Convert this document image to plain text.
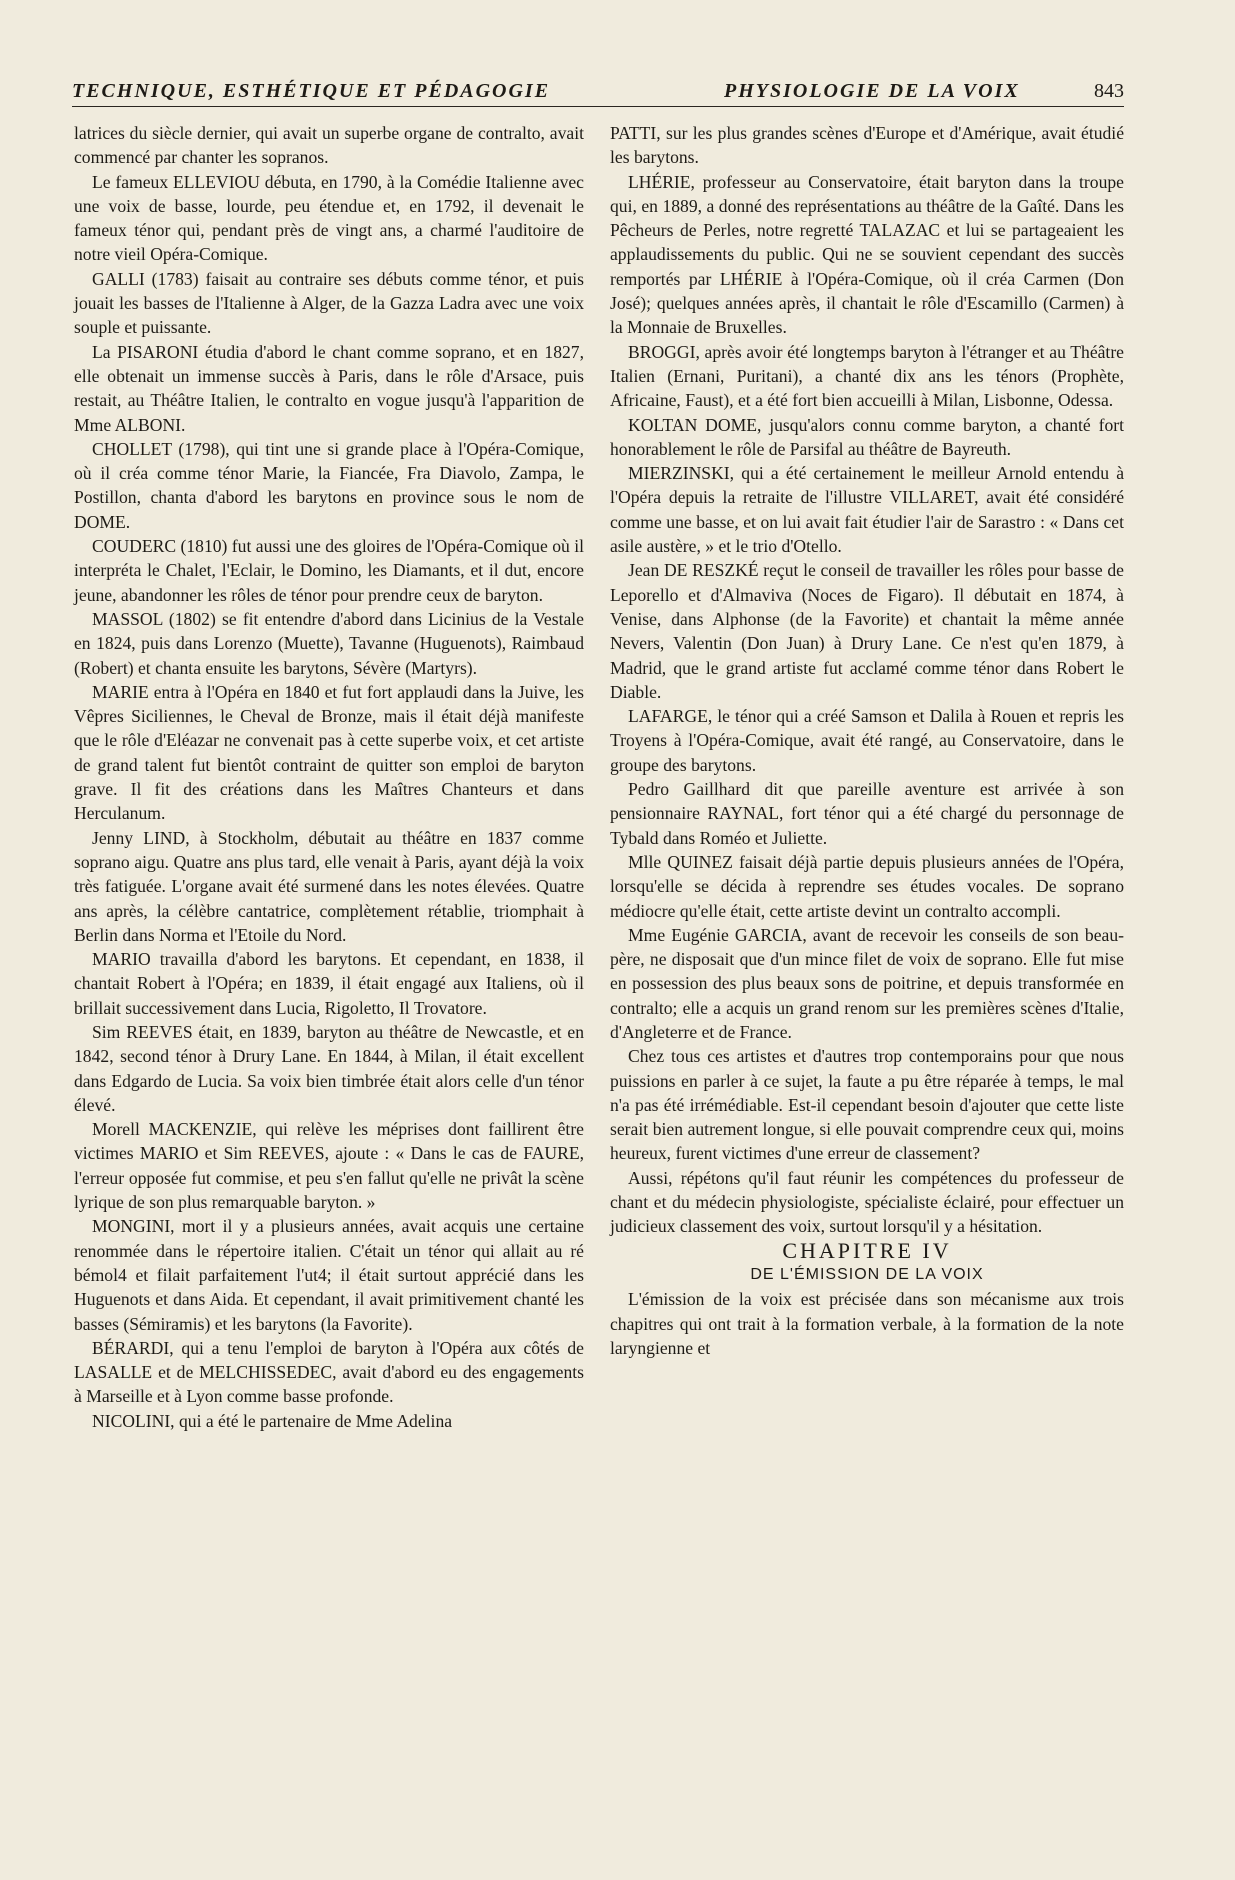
TECHNIQUE, ESTHÉTIQUE ET PÉDAGOGIE	PHYSIOLOGIE DE LA VOIX	843

latrices du siècle dernier, qui avait un superbe organe de contralto, avait commencé par chanter les sopranos.

Le fameux ELLEVIOU débuta, en 1790, à la Comédie Italienne avec une voix de basse, lourde, peu étendue et, en 1792, il devenait le fameux ténor qui, pendant près de vingt ans, a charmé l'auditoire de notre vieil Opéra-Comique.

GALLI (1783) faisait au contraire ses débuts comme ténor, et puis jouait les basses de l'Italienne à Alger, de la Gazza Ladra avec une voix souple et puissante.

La PISARONI étudia d'abord le chant comme soprano, et en 1827, elle obtenait un immense succès à Paris, dans le rôle d'Arsace, puis restait, au Théâtre Italien, le contralto en vogue jusqu'à l'apparition de Mme ALBONI.

CHOLLET (1798), qui tint une si grande place à l'Opéra-Comique, où il créa comme ténor Marie, la Fiancée, Fra Diavolo, Zampa, le Postillon, chanta d'abord les barytons en province sous le nom de DOME.

COUDERC (1810) fut aussi une des gloires de l'Opéra-Comique où il interpréta le Chalet, l'Eclair, le Domino, les Diamants, et il dut, encore jeune, abandonner les rôles de ténor pour prendre ceux de baryton.

MASSOL (1802) se fit entendre d'abord dans Licinius de la Vestale en 1824, puis dans Lorenzo (Muette), Tavanne (Huguenots), Raimbaud (Robert) et chanta ensuite les barytons, Sévère (Martyrs).

MARIE entra à l'Opéra en 1840 et fut fort applaudi dans la Juive, les Vêpres Siciliennes, le Cheval de Bronze, mais il était déjà manifeste que le rôle d'Eléazar ne convenait pas à cette superbe voix, et cet artiste de grand talent fut bientôt contraint de quitter son emploi de baryton grave. Il fit des créations dans les Maîtres Chanteurs et dans Herculanum.

Jenny LIND, à Stockholm, débutait au théâtre en 1837 comme soprano aigu. Quatre ans plus tard, elle venait à Paris, ayant déjà la voix très fatiguée. L'organe avait été surmené dans les notes élevées. Quatre ans après, la célèbre cantatrice, complètement rétablie, triomphait à Berlin dans Norma et l'Etoile du Nord.

MARIO travailla d'abord les barytons. Et cependant, en 1838, il chantait Robert à l'Opéra; en 1839, il était engagé aux Italiens, où il brillait successivement dans Lucia, Rigoletto, Il Trovatore.

Sim REEVES était, en 1839, baryton au théâtre de Newcastle, et en 1842, second ténor à Drury Lane. En 1844, à Milan, il était excellent dans Edgardo de Lucia. Sa voix bien timbrée était alors celle d'un ténor élevé.

Morell MACKENZIE, qui relève les méprises dont faillirent être victimes MARIO et Sim REEVES, ajoute : « Dans le cas de FAURE, l'erreur opposée fut commise, et peu s'en fallut qu'elle ne privât la scène lyrique de son plus remarquable baryton. »

MONGINI, mort il y a plusieurs années, avait acquis une certaine renommée dans le répertoire italien. C'était un ténor qui allait au ré bémol4 et filait parfaitement l'ut4; il était surtout apprécié dans les Huguenots et dans Aida. Et cependant, il avait primitivement chanté les basses (Sémiramis) et les barytons (la Favorite).

BÉRARDI, qui a tenu l'emploi de baryton à l'Opéra aux côtés de LASALLE et de MELCHISSEDEC, avait d'abord eu des engagements à Marseille et à Lyon comme basse profonde.

NICOLINI, qui a été le partenaire de Mme Adelina

PATTI, sur les plus grandes scènes d'Europe et d'Amérique, avait étudié les barytons.

LHÉRIE, professeur au Conservatoire, était baryton dans la troupe qui, en 1889, a donné des représentations au théâtre de la Gaîté. Dans les Pêcheurs de Perles, notre regretté TALAZAC et lui se partageaient les applaudissements du public. Qui ne se souvient cependant des succès remportés par LHÉRIE à l'Opéra-Comique, où il créa Carmen (Don José); quelques années après, il chantait le rôle d'Escamillo (Carmen) à la Monnaie de Bruxelles.

BROGGI, après avoir été longtemps baryton à l'étranger et au Théâtre Italien (Ernani, Puritani), a chanté dix ans les ténors (Prophète, Africaine, Faust), et a été fort bien accueilli à Milan, Lisbonne, Odessa.

KOLTAN DOME, jusqu'alors connu comme baryton, a chanté fort honorablement le rôle de Parsifal au théâtre de Bayreuth.

MIERZINSKI, qui a été certainement le meilleur Arnold entendu à l'Opéra depuis la retraite de l'illustre VILLARET, avait été considéré comme une basse, et on lui avait fait étudier l'air de Sarastro : « Dans cet asile austère, » et le trio d'Otello.

Jean DE RESZKÉ reçut le conseil de travailler les rôles pour basse de Leporello et d'Almaviva (Noces de Figaro). Il débutait en 1874, à Venise, dans Alphonse (de la Favorite) et chantait la même année Nevers, Valentin (Don Juan) à Drury Lane. Ce n'est qu'en 1879, à Madrid, que le grand artiste fut acclamé comme ténor dans Robert le Diable.

LAFARGE, le ténor qui a créé Samson et Dalila à Rouen et repris les Troyens à l'Opéra-Comique, avait été rangé, au Conservatoire, dans le groupe des barytons.

Pedro Gaillhard dit que pareille aventure est arrivée à son pensionnaire RAYNAL, fort ténor qui a été chargé du personnage de Tybald dans Roméo et Juliette.

Mlle QUINEZ faisait déjà partie depuis plusieurs années de l'Opéra, lorsqu'elle se décida à reprendre ses études vocales. De soprano médiocre qu'elle était, cette artiste devint un contralto accompli.

Mme Eugénie GARCIA, avant de recevoir les conseils de son beau-père, ne disposait que d'un mince filet de voix de soprano. Elle fut mise en possession des plus beaux sons de poitrine, et depuis transformée en contralto; elle a acquis un grand renom sur les premières scènes d'Italie, d'Angleterre et de France.

Chez tous ces artistes et d'autres trop contemporains pour que nous puissions en parler à ce sujet, la faute a pu être réparée à temps, le mal n'a pas été irrémédiable. Est-il cependant besoin d'ajouter que cette liste serait bien autrement longue, si elle pouvait comprendre ceux qui, moins heureux, furent victimes d'une erreur de classement?

Aussi, répétons qu'il faut réunir les compétences du professeur de chant et du médecin physiologiste, spécialiste éclairé, pour effectuer un judicieux classement des voix, surtout lorsqu'il y a hésitation.

CHAPITRE IV

DE L'ÉMISSION DE LA VOIX

L'émission de la voix est précisée dans son mécanisme aux trois chapitres qui ont trait à la formation verbale, à la formation de la note laryngienne et
